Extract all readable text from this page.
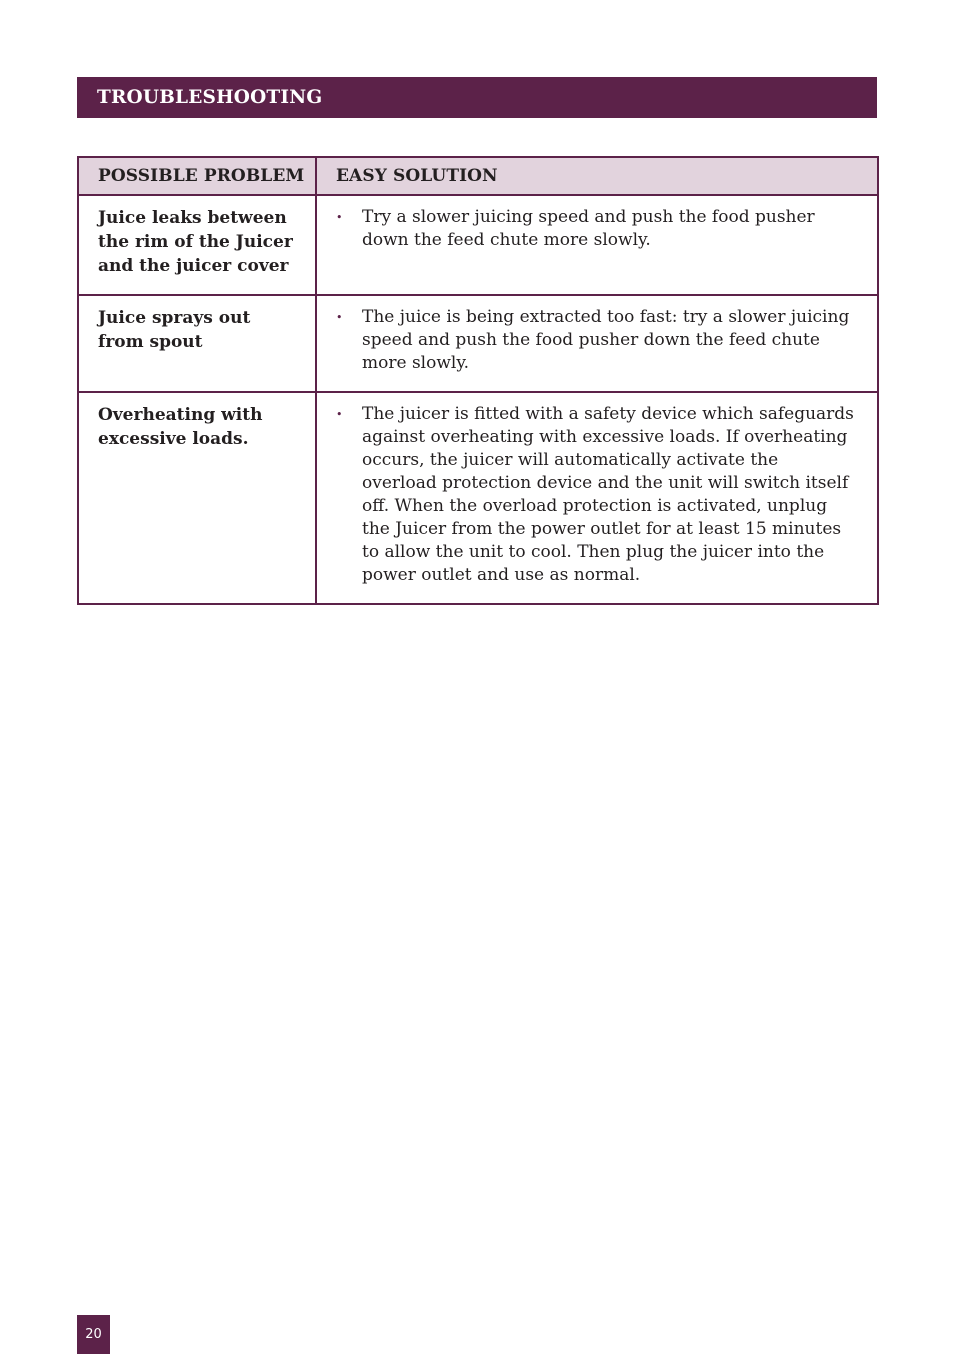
TROUBLESHOOTING
POSSIBLE PROBLEM	EASY SOLUTION
Juice leaks between the rim of the Juicer and the juicer cover	• Try a slower juicing speed and push the food pusher down the feed chute more slowly.

Juice sprays out from spout	• The juice is being extracted too fast: try a slower juicing speed and push the food pusher down the feed chute more slowly.

Overheating with excessive loads.	• The juicer is fitted with a safety device which safeguards against overheating with excessive loads. If overheating occurs, the juicer will automatically activate the overload protection device and the unit will switch itself off. When the overload protection is activated, unplug the Juicer from the power outlet for at least 15 minutes to allow the unit to cool. Then plug the juicer into the power outlet and use as normal.
20
